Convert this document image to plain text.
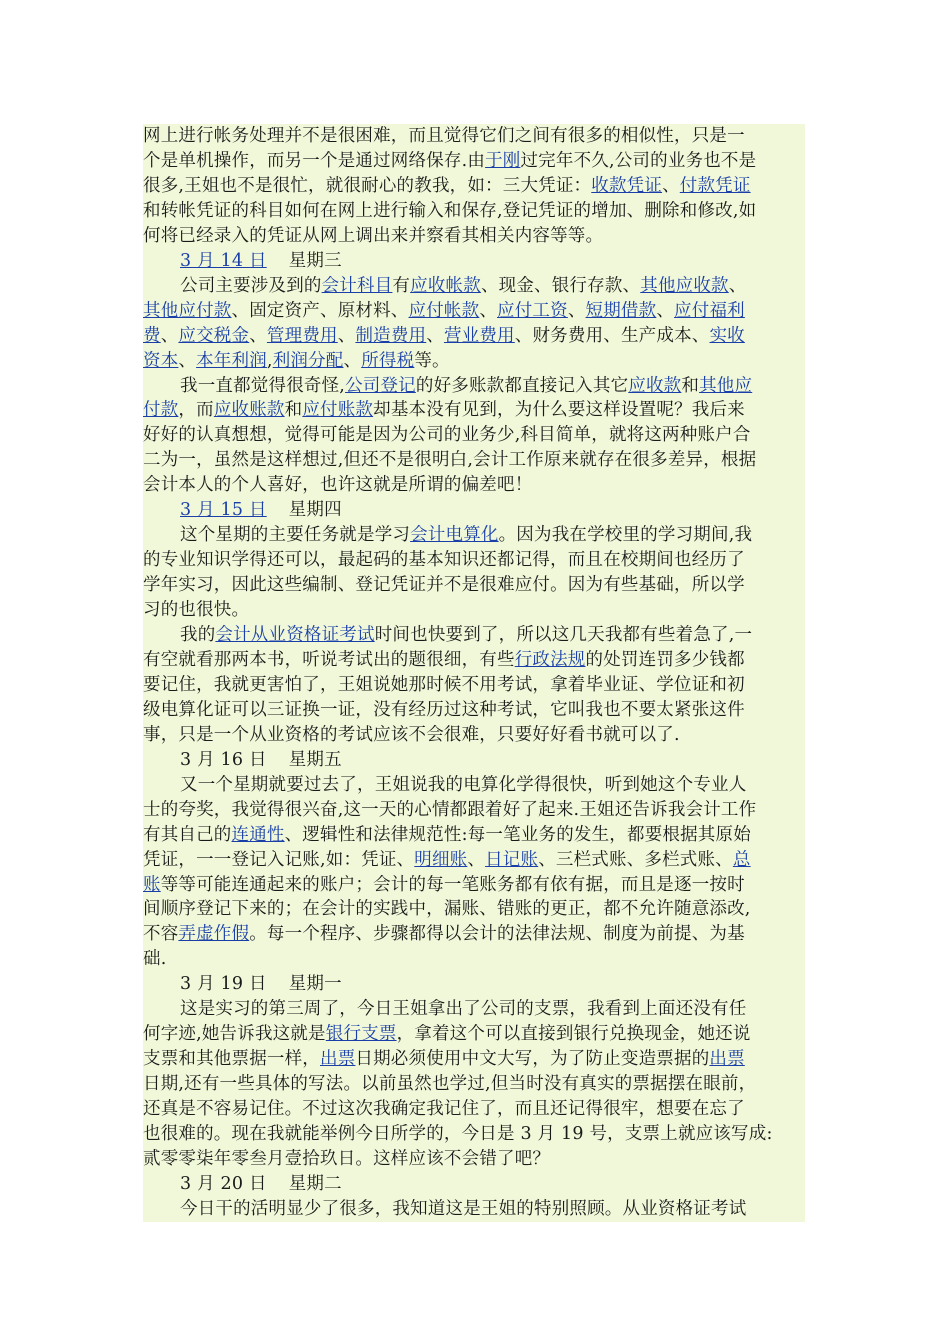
网上进行帐务处理并不是很困难，而且觉得它们之间有很多的相似性，只是一
个是单机操作，而另一个是通过网络保存.由于刚过完年不久,公司的业务也不是
很多,王姐也不是很忙，就很耐心的教我，如：三大凭证：收款凭证、付款凭证
和转帐凭证的科目如何在网上进行输入和保存,登记凭证的增加、删除和修改,如
何将已经录入的凭证从网上调出来并察看其相关内容等等。
3 月 14 日 星期三
公司主要涉及到的会计科目有应收帐款、现金、银行存款、其他应收款、
其他应付款、固定资产、原材料、应付帐款、应付工资、短期借款、应付福利
费、应交税金、管理费用、制造费用、营业费用、财务费用、生产成本、实收
资本、本年利润,利润分配、所得税等。
我一直都觉得很奇怪,公司登记的好多账款都直接记入其它应收款和其他应
付款，而应收账款和应付账款却基本没有见到，为什么要这样设置呢？我后来
好好的认真想想，觉得可能是因为公司的业务少,科目简单，就将这两种账户合
二为一，虽然是这样想过,但还不是很明白,会计工作原来就存在很多差异，根据
会计本人的个人喜好，也许这就是所谓的偏差吧！
3 月 15 日 星期四
这个星期的主要任务就是学习会计电算化。因为我在学校里的学习期间,我
的专业知识学得还可以，最起码的基本知识还都记得，而且在校期间也经历了
学年实习，因此这些编制、登记凭证并不是很难应付。因为有些基础，所以学
习的也很快。
我的会计从业资格证考试时间也快要到了，所以这几天我都有些着急了,一
有空就看那两本书，听说考试出的题很细，有些行政法规的处罚连罚多少钱都
要记住，我就更害怕了，王姐说她那时候不用考试，拿着毕业证、学位证和初
级电算化证可以三证换一证，没有经历过这种考试，它叫我也不要太紧张这件
事，只是一个从业资格的考试应该不会很难，只要好好看书就可以了.
3 月 16 日 星期五
又一个星期就要过去了，王姐说我的电算化学得很快，听到她这个专业人
士的夸奖，我觉得很兴奋,这一天的心情都跟着好了起来.王姐还告诉我会计工作
有其自己的连通性、逻辑性和法律规范性:每一笔业务的发生，都要根据其原始
凭证，一一登记入记账,如：凭证、明细账、日记账、三栏式账、多栏式账、总
账等等可能连通起来的账户；会计的每一笔账务都有依有据，而且是逐一按时
间顺序登记下来的；在会计的实践中，漏账、错账的更正，都不允许随意添改,
不容弄虚作假。每一个程序、步骤都得以会计的法律法规、制度为前提、为基
础.
3 月 19 日 星期一
这是实习的第三周了，今日王姐拿出了公司的支票，我看到上面还没有任
何字迹,她告诉我这就是银行支票，拿着这个可以直接到银行兑换现金，她还说
支票和其他票据一样，出票日期必须使用中文大写，为了防止变造票据的出票
日期,还有一些具体的写法。以前虽然也学过,但当时没有真实的票据摆在眼前，
还真是不容易记住。不过这次我确定我记住了，而且还记得很牢，想要在忘了
也很难的。现在我就能举例今日所学的，今日是 3 月 19 号，支票上就应该写成:
贰零零柒年零叁月壹拾玖日。这样应该不会错了吧？
3 月 20 日 星期二
今日干的活明显少了很多，我知道这是王姐的特别照顾。从业资格证考试
